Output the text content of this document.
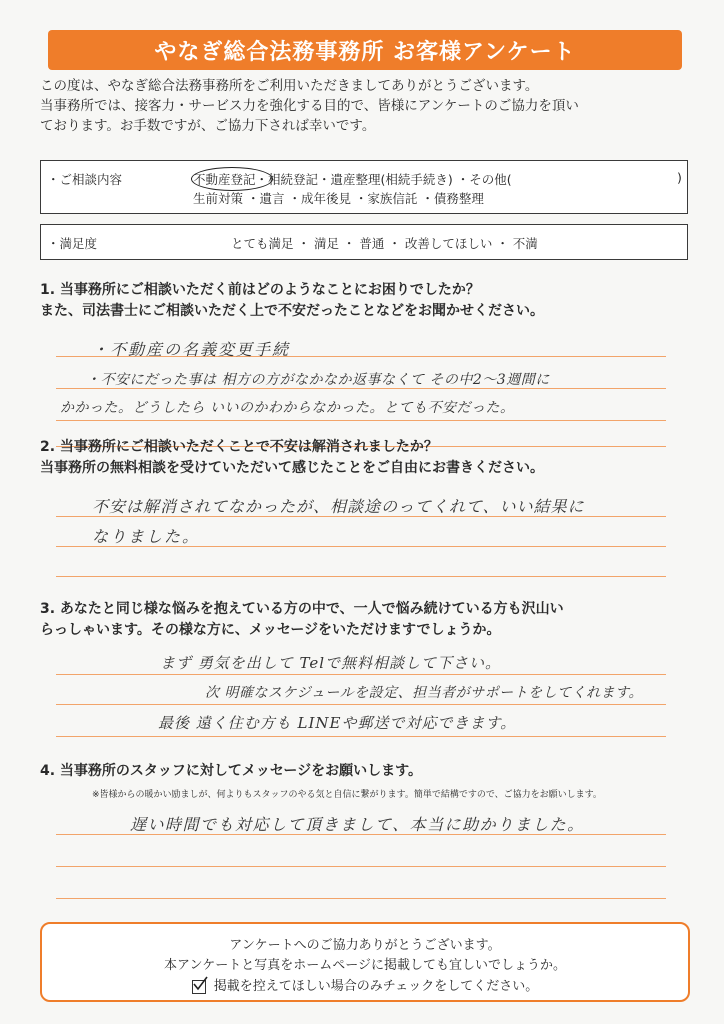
やなぎ総合法務事務所 お客様アンケート
この度は、やなぎ総合法務事務所をご利用いただきましてありがとうございます。
当事務所では、接客力・サービス力を強化する目的で、皆様にアンケートのご協力を頂い
ております。お手数ですが、ご協力下されば幸いです。
・ご相談内容	不動産登記・相続登記・遺産整理(相続手続き) ・その他(	)
生前対策 ・遺言 ・成年後見 ・家族信託 ・債務整理
・満足度	とても満足 ・ 満足 ・ 普通 ・ 改善してほしい ・ 不満
1. 当事務所にご相談いただく前はどのようなことにお困りでしたか？
また、司法書士にご相談いただく上で不安だったことなどをお聞かせください。
・不動産の名義変更手続
・不安にだった事は 相方の方がなかなか返事なくて その中2～3週間に
かかった。どうしたら いいのかわからなかった。とても不安だった。
2. 当事務所にご相談いただくことで不安は解消されましたか？
当事務所の無料相談を受けていただいて感じたことをご自由にお書きください。
不安は解消されてなかったが、相談途のってくれて、いい結果に
なりました。
3. あなたと同じ様な悩みを抱えている方の中で、一人で悩み続けている方も沢山い
らっしゃいます。その様な方に、メッセージをいただけますでしょうか。
まず 勇気を出して Telで無料相談して下さい。
次 明確なスケジュールを設定、担当者がサポートをしてくれます。
最後 遠く住む方も LINEや郵送で対応できます。
4. 当事務所のスタッフに対してメッセージをお願いします。
※皆様からの暖かい励ましが、何よりもスタッフのやる気と自信に繋がります。簡単で結構ですので、ご協力をお願いします。
遅い時間でも対応して頂きまして、本当に助かりました。
アンケートへのご協力ありがとうございます。
本アンケートと写真をホームページに掲載しても宜しいでしょうか。
掲載を控えてほしい場合のみチェックをしてください。
